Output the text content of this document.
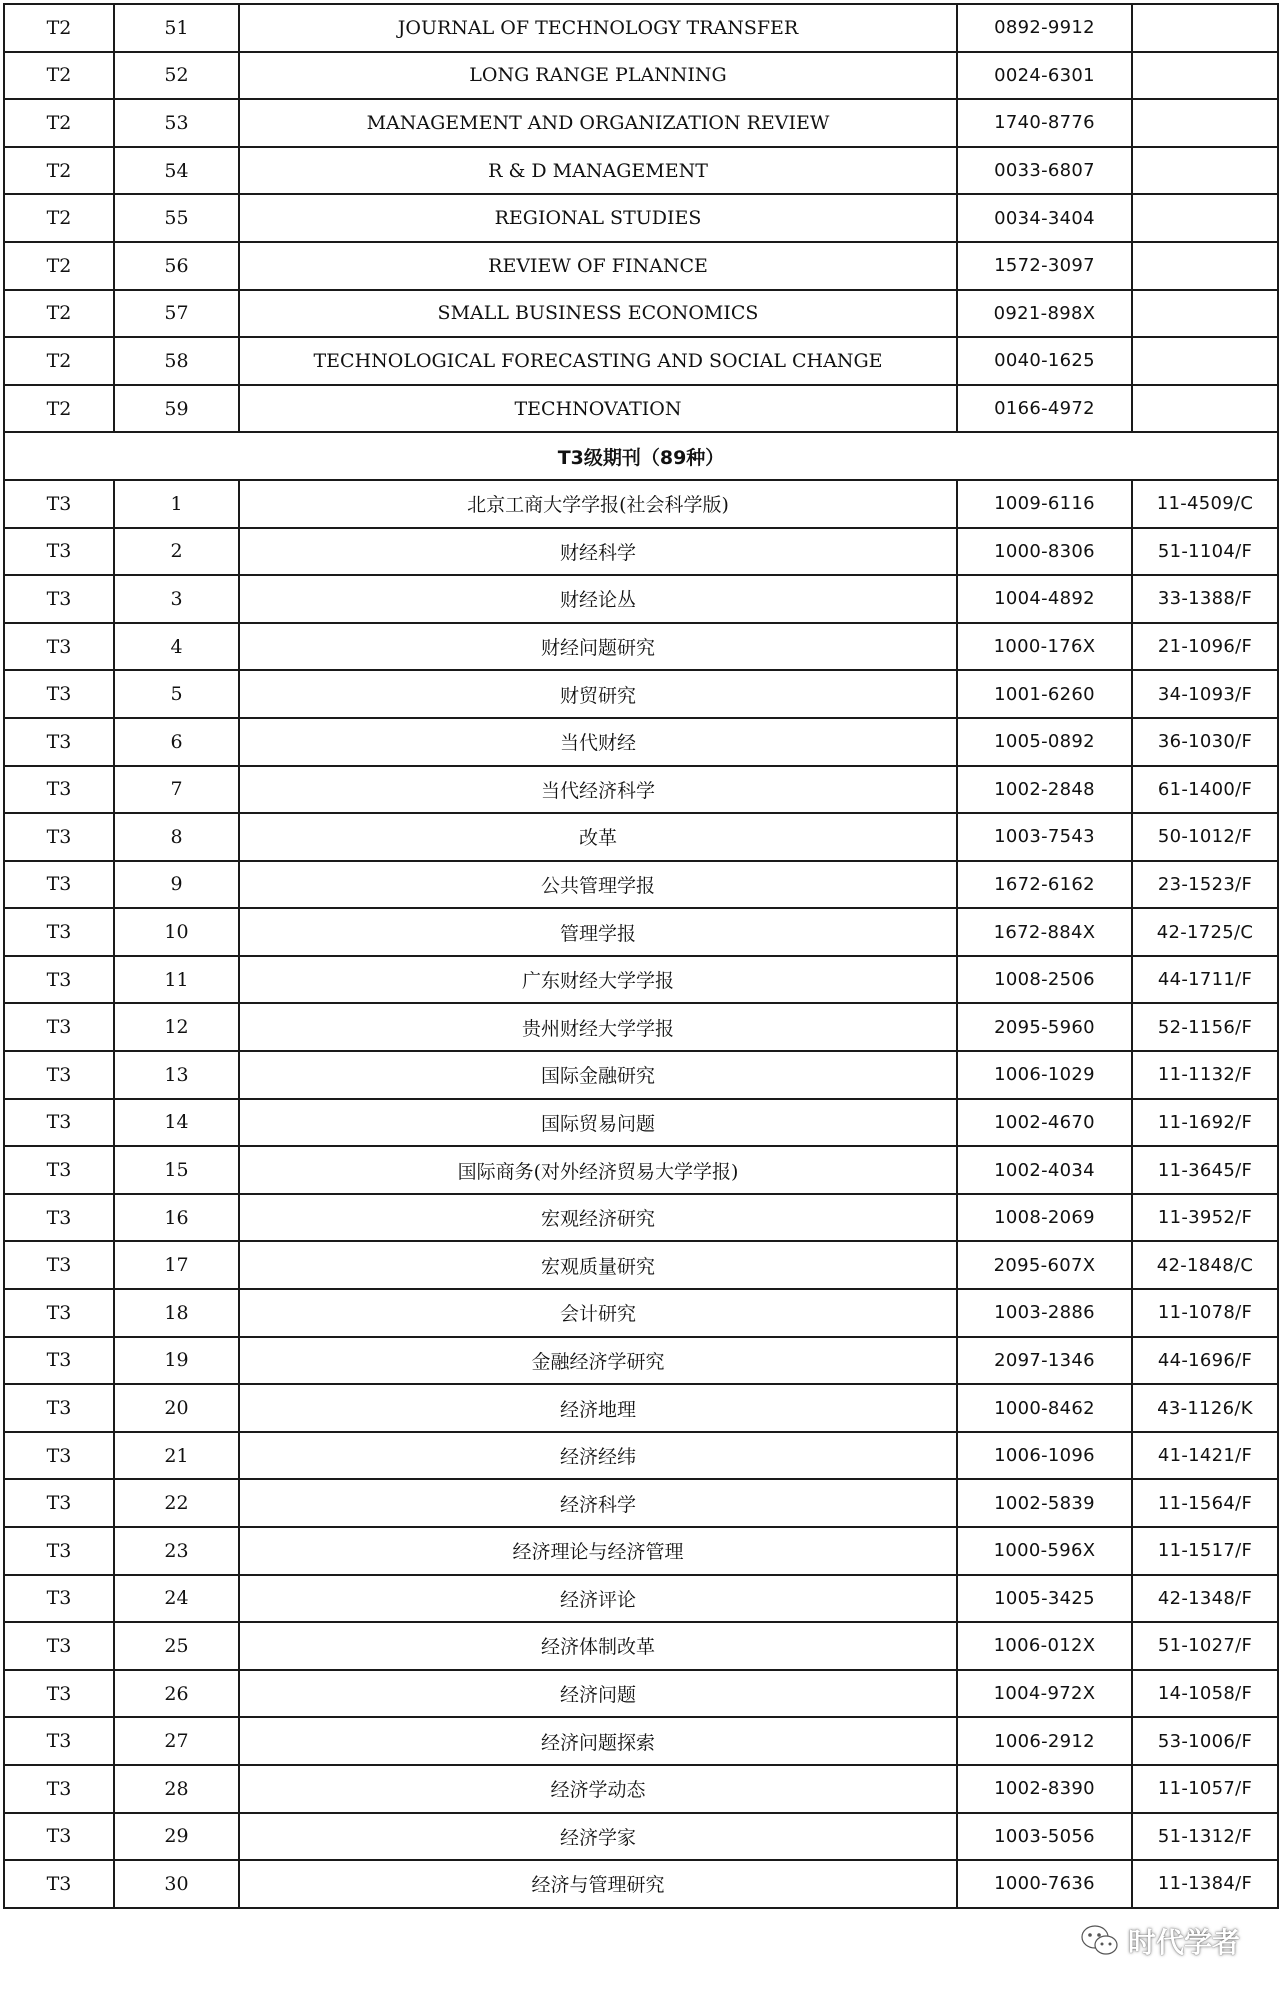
T2	51	JOURNAL OF TECHNOLOGY TRANSFER	0892-9912	
T2	52	LONG RANGE PLANNING	0024-6301	
T2	53	MANAGEMENT AND ORGANIZATION REVIEW	1740-8776	
T2	54	R & D MANAGEMENT	0033-6807	
T2	55	REGIONAL STUDIES	0034-3404	
T2	56	REVIEW OF FINANCE	1572-3097	
T2	57	SMALL BUSINESS ECONOMICS	0921-898X	
T2	58	TECHNOLOGICAL FORECASTING AND SOCIAL CHANGE	0040-1625	
T2	59	TECHNOVATION	0166-4972	
T3级期刊（89种）				
T3	1	北京工商大学学报(社会科学版)	1009-6116	11-4509/C
T3	2	财经科学	1000-8306	51-1104/F
T3	3	财经论丛	1004-4892	33-1388/F
T3	4	财经问题研究	1000-176X	21-1096/F
T3	5	财贸研究	1001-6260	34-1093/F
T3	6	当代财经	1005-0892	36-1030/F
T3	7	当代经济科学	1002-2848	61-1400/F
T3	8	改革	1003-7543	50-1012/F
T3	9	公共管理学报	1672-6162	23-1523/F
T3	10	管理学报	1672-884X	42-1725/C
T3	11	广东财经大学学报	1008-2506	44-1711/F
T3	12	贵州财经大学学报	2095-5960	52-1156/F
T3	13	国际金融研究	1006-1029	11-1132/F
T3	14	国际贸易问题	1002-4670	11-1692/F
T3	15	国际商务(对外经济贸易大学学报)	1002-4034	11-3645/F
T3	16	宏观经济研究	1008-2069	11-3952/F
T3	17	宏观质量研究	2095-607X	42-1848/C
T3	18	会计研究	1003-2886	11-1078/F
T3	19	金融经济学研究	2097-1346	44-1696/F
T3	20	经济地理	1000-8462	43-1126/K
T3	21	经济经纬	1006-1096	41-1421/F
T3	22	经济科学	1002-5839	11-1564/F
T3	23	经济理论与经济管理	1000-596X	11-1517/F
T3	24	经济评论	1005-3425	42-1348/F
T3	25	经济体制改革	1006-012X	51-1027/F
T3	26	经济问题	1004-972X	14-1058/F
T3	27	经济问题探索	1006-2912	53-1006/F
T3	28	经济学动态	1002-8390	11-1057/F
T3	29	经济学家	1003-5056	51-1312/F
T3	30	经济与管理研究	1000-7636	11-1384/F
时代学者
